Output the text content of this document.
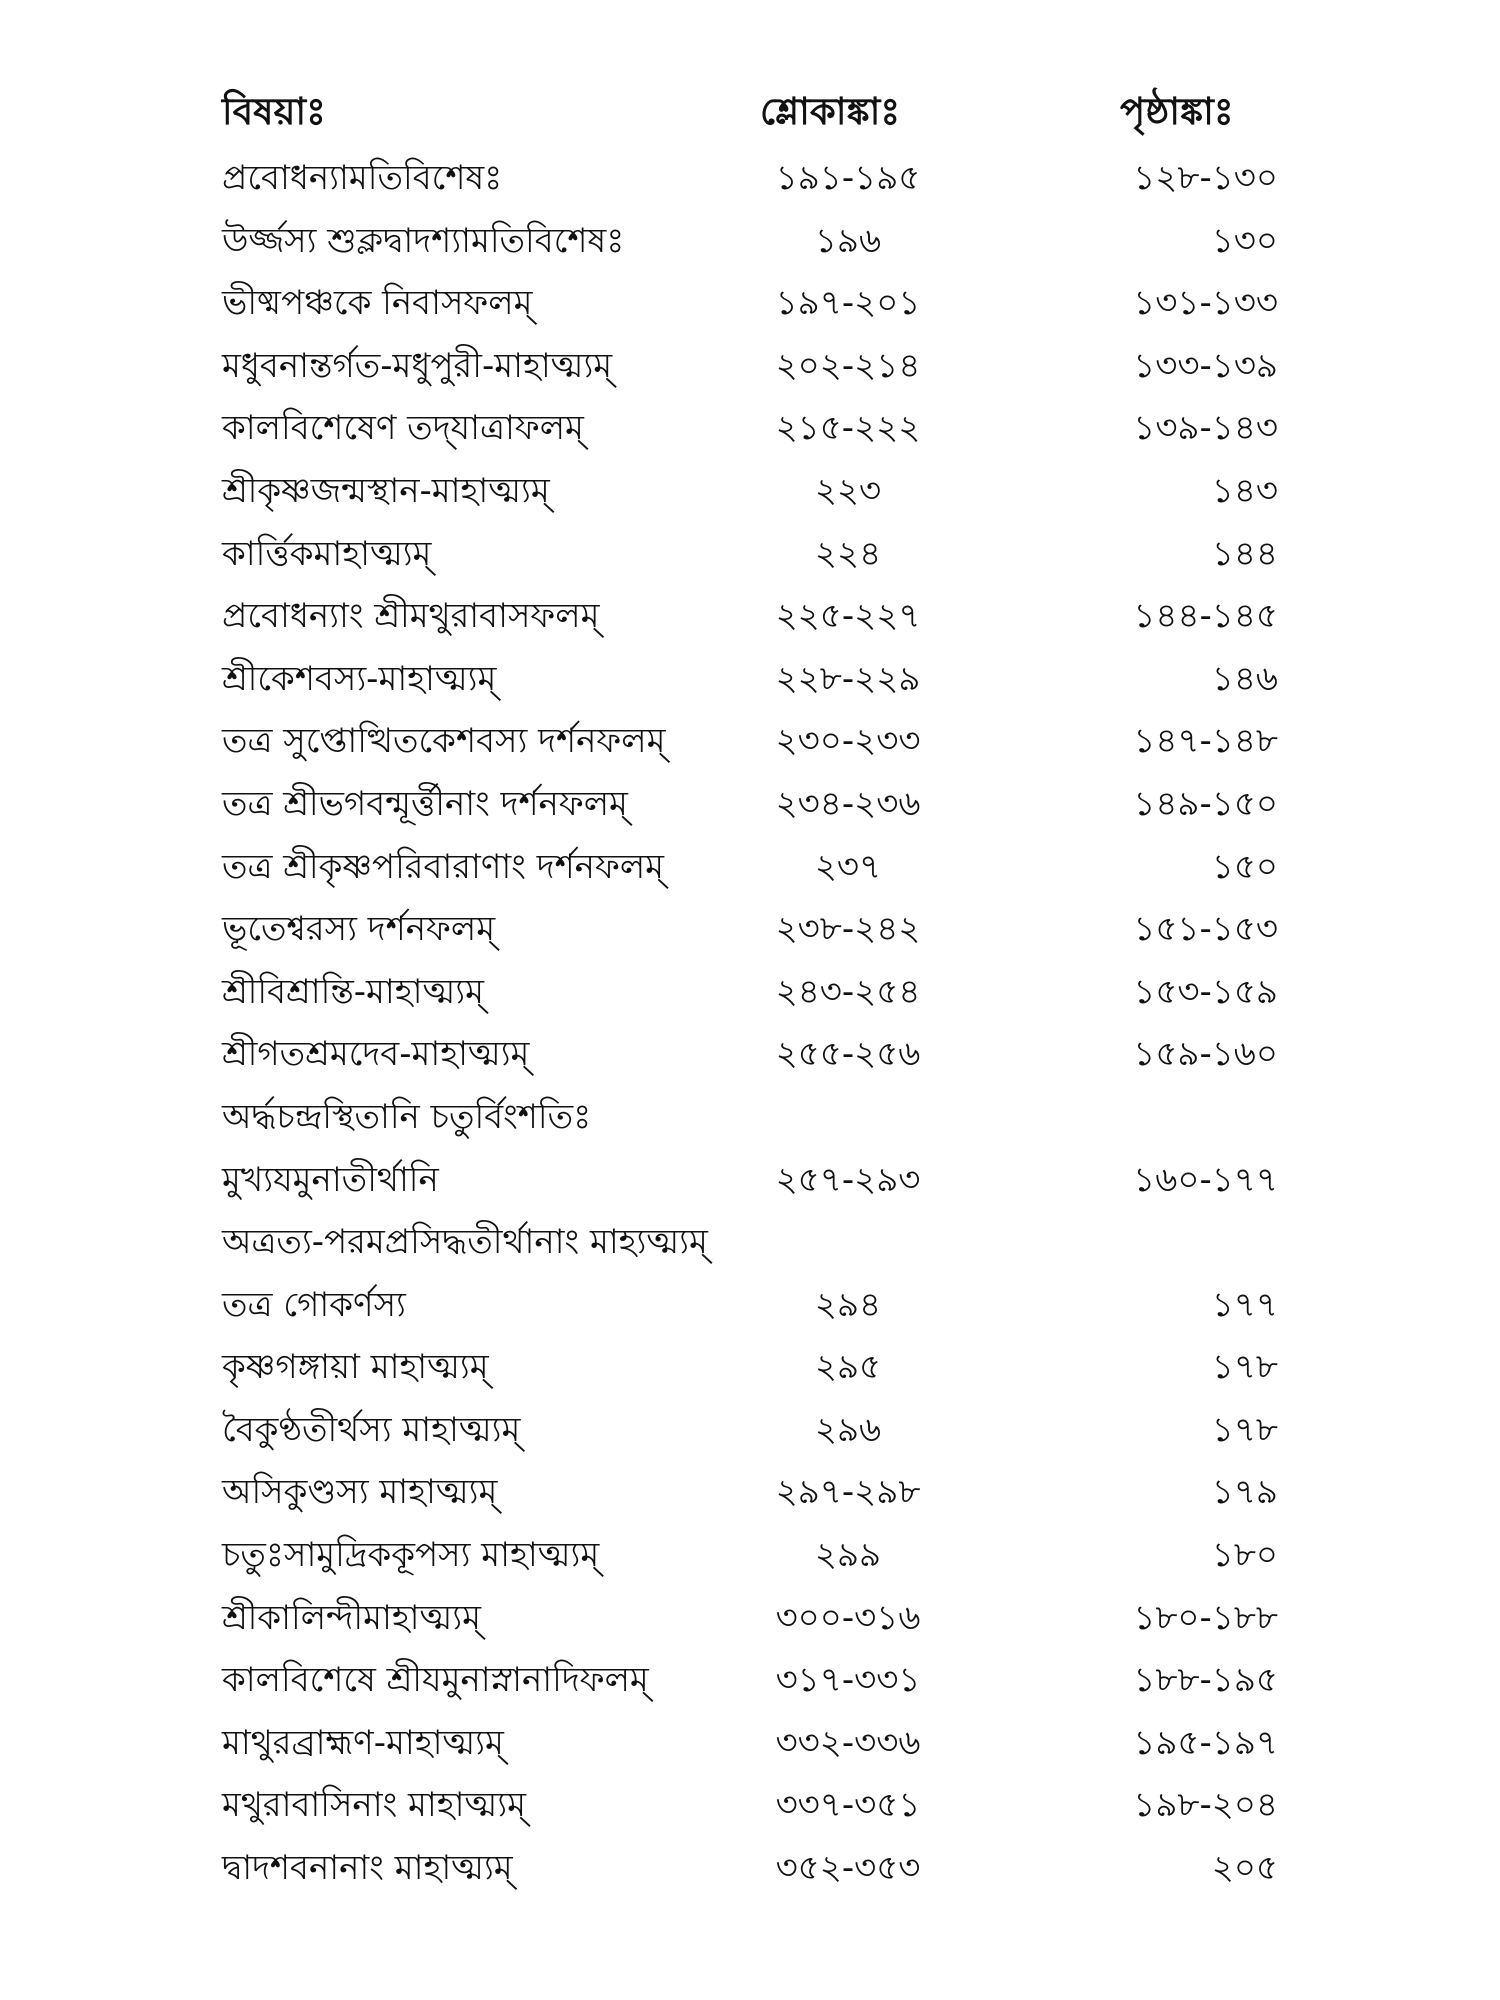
বিষয়াঃ	শ্লোকাঙ্কাঃ	পৃষ্ঠাঙ্কাঃ
প্রবোধন্যামতিবিশেষঃ	১৯১-১৯৫	১২৮-১৩০
উর্জ্জস্য শুক্লদ্বাদশ্যামতিবিশেষঃ	১৯৬	১৩০
ভীষ্মপঞ্চকে নিবাসফলম্	১৯৭-২০১	১৩১-১৩৩
মধুবনান্তর্গত-মধুপুরী-মাহাত্ম্যম্	২০২-২১৪	১৩৩-১৩৯
কালবিশেষেণ তদ্‌যাত্রাফলম্	২১৫-২২২	১৩৯-১৪৩
শ্রীকৃষ্ণজন্মস্থান-মাহাত্ম্যম্	২২৩	১৪৩
কার্ত্তিকমাহাত্ম্যম্	২২৪	১৪৪
প্রবোধন্যাং শ্রীমথুরাবাসফলম্	২২৫-২২৭	১৪৪-১৪৫
শ্রীকেশবস্য-মাহাত্ম্যম্	২২৮-২২৯	১৪৬
তত্র সুপ্তোত্থিতকেশবস্য দর্শনফলম্	২৩০-২৩৩	১৪৭-১৪৮
তত্র শ্রীভগবন্মূর্ত্তীনাং দর্শনফলম্	২৩৪-২৩৬	১৪৯-১৫০
তত্র শ্রীকৃষ্ণপরিবারাণাং দর্শনফলম্	২৩৭	১৫০
ভূতেশ্বরস্য দর্শনফলম্	২৩৮-২৪২	১৫১-১৫৩
শ্রীবিশ্রান্তি-মাহাত্ম্যম্	২৪৩-২৫৪	১৫৩-১৫৯
শ্রীগতশ্রমদেব-মাহাত্ম্যম্	২৫৫-২৫৬	১৫৯-১৬০
অর্দ্ধচন্দ্রস্থিতানি চতুর্বিংশতিঃ
মুখ্যযমুনাতীর্থানি	২৫৭-২৯৩	১৬০-১৭৭
অত্রত্য-পরমপ্রসিদ্ধতীর্থানাং মাহ্যত্ম্যম্
তত্র গোকর্ণস্য	২৯৪	১৭৭
কৃষ্ণগঙ্গায়া মাহাত্ম্যম্	২৯৫	১৭৮
বৈকুণ্ঠতীর্থস্য মাহাত্ম্যম্	২৯৬	১৭৮
অসিকুণ্ডস্য মাহাত্ম্যম্	২৯৭-২৯৮	১৭৯
চতুঃসামুদ্রিককূপস্য মাহাত্ম্যম্	২৯৯	১৮০
শ্রীকালিন্দীমাহাত্ম্যম্	৩০০-৩১৬	১৮০-১৮৮
কালবিশেষে শ্রীযমুনাস্নানাদিফলম্	৩১৭-৩৩১	১৮৮-১৯৫
মাথুরব্রাহ্মণ-মাহাত্ম্যম্	৩৩২-৩৩৬	১৯৫-১৯৭
মথুরাবাসিনাং মাহাত্ম্যম্	৩৩৭-৩৫১	১৯৮-২০৪
দ্বাদশবনানাং মাহাত্ম্যম্	৩৫২-৩৫৩	২০৫
